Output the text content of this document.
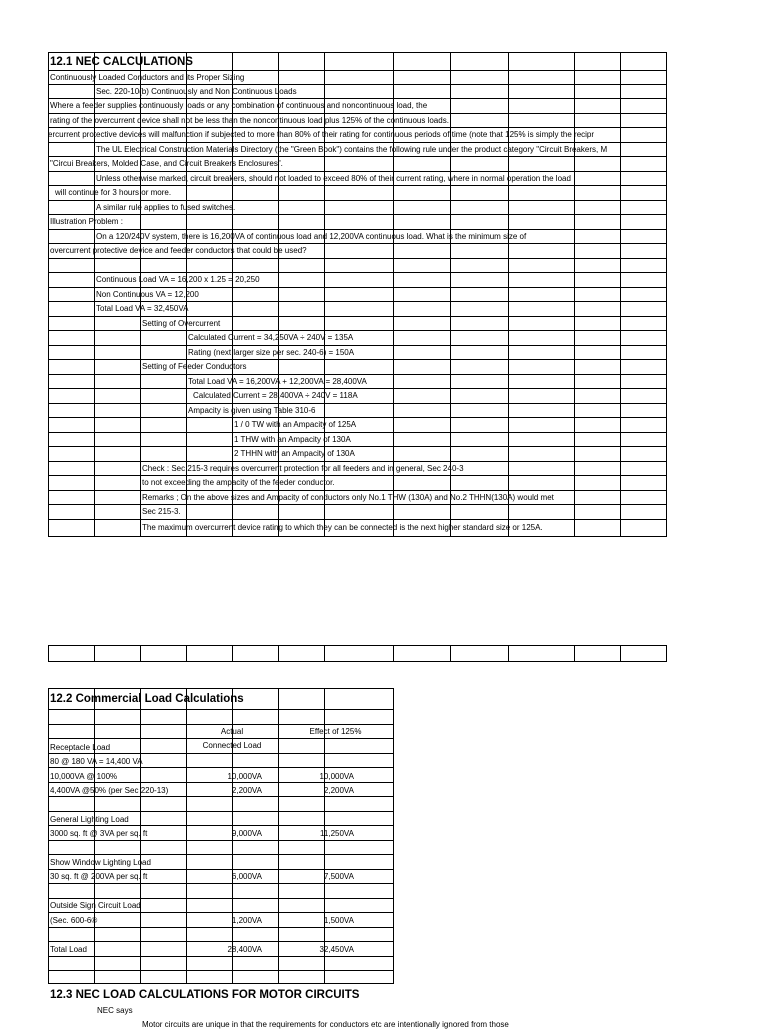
12.1 NEC CALCULATIONS
Continuously Loaded Conductors and its Proper Sizing
Sec. 220-10(b) Continuously and Non Continuous Loads
Where a feeder supplies continuously loads or any combination of continuous and noncontinuous load, the
rating of the overcurrent device shall not be less than the noncontinuous load plus 125% of the continuous loads.
ercurrent protective devices will malfunction if subjected to more than 80% of their rating for continuous periods of time (note that 125% is simply the recipr
The UL Electrical Construction Materials Directory (the "Green Book") contains the following rule under the product category "Circuit Breakers, M
"Circui Breakers, Molded Case, and Circuit Breakers Enclosures".
Unless otherwise marked, circuit breakers, should not loaded to exceed 80% of their current rating, where in normal operation the load
will continue for 3 hours or more.
A similar rule applies to fused switches.
Illustration Problem :
On a 120/240V system, there is 16,200VA of continuous load and 12,200VA continuous load. What is the minimum size of
overcurrent protective device and feeder conductors that could be used?
Continuous Load VA = 16,200 x 1.25 = 20,250
Non Continuous VA = 12,200
Total Load VA = 32,450VA
Setting of Overcurrent
Calculated Current = 34,250VA ÷ 240V = 135A
Rating (next larger size per sec. 240-6) = 150A
Setting of Feeder Conductors
Total Load VA = 16,200VA + 12,200VA = 28,400VA
Calculated Current = 28,400VA ÷ 240V = 118A
Ampacity is given using Table 310-6
1 / 0 TW with an Ampacity of 125A
1 THW with an Ampacity of 130A
2 THHN with an Ampacity of 130A
Check : Sec 215-3 requires overcurrent protection for all feeders and in general, Sec 240-3
to not exceeding the ampacity of the feeder conductor.
Remarks ; On the above sizes and Ampacity of conductors only No.1 THW (130A) and No.2 THHN(130A) would met
Sec 215-3.
The maximum overcurrent device rating to which they can be connected is the next higher standard size or 125A.
12.2 Commercial Load Calculations
Actual
Connected Load
Effect of 125%
Receptacle Load
80 @ 180 VA = 14,400 VA
10,000VA @ 100%	10,000VA	10,000VA
4,400VA @50% (per Sec 220-13)	2,200VA	2,200VA
General Lighting Load
3000 sq. ft @ 3VA per sq. ft	9,000VA	11,250VA
Show Window Lighting Load
30 sq. ft @ 200VA per sq. ft	6,000VA	7,500VA
Outside Sign Circuit Load
(Sec. 600-6®	1,200VA	1,500VA
Total Load	28,400VA	32,450VA
12.3 NEC LOAD CALCULATIONS FOR MOTOR CIRCUITS
NEC says
Motor circuits are unique in that the requirements for conductors etc are intentionally ignored from those
